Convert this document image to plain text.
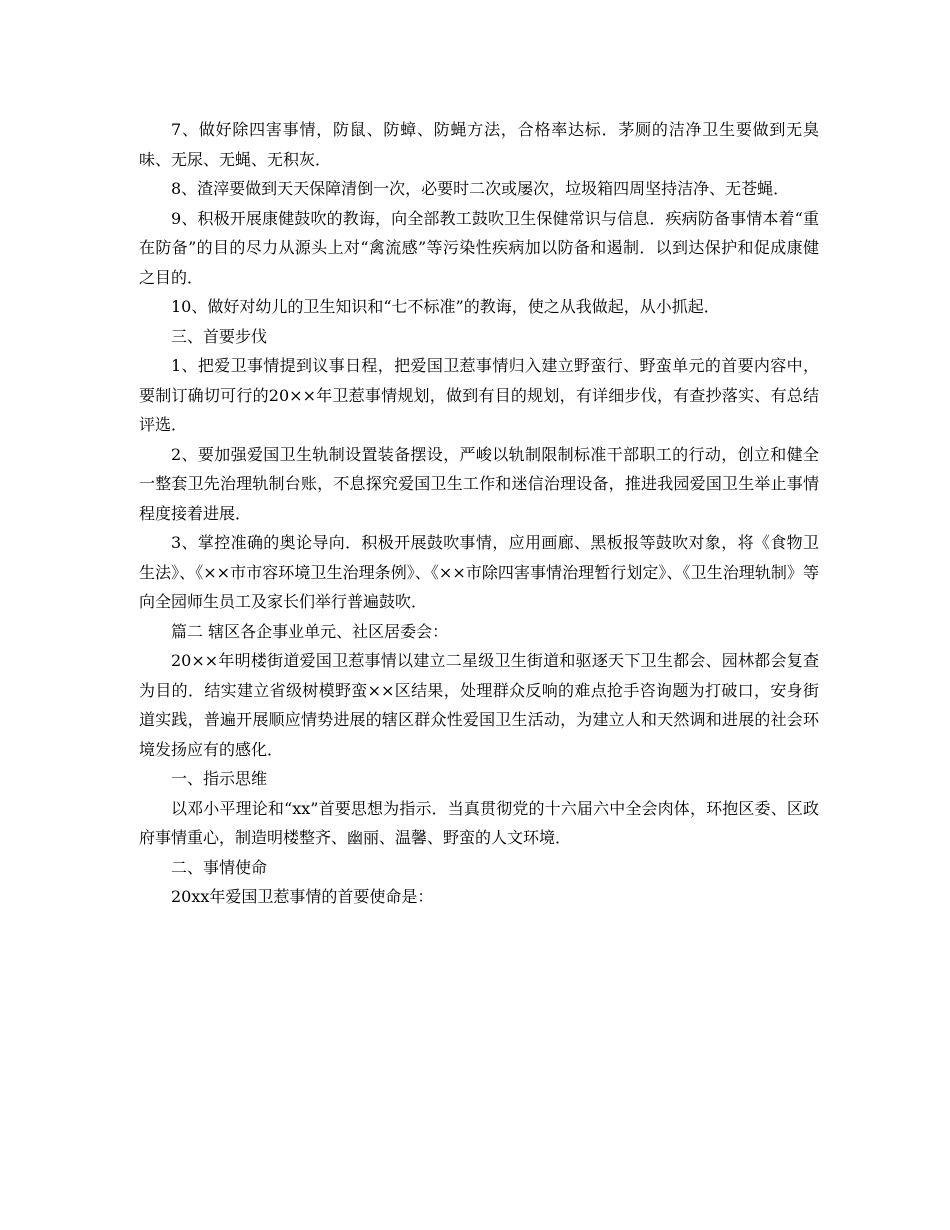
7、做好除四害事情，防鼠、防蟑、防蝇方法，合格率达标．茅厕的洁净卫生要做到无臭味、无尿、无蝇、无积灰．

8、渣滓要做到天天保障清倒一次，必要时二次或屡次，垃圾箱四周坚持洁净、无苍蝇．

9、积极开展康健鼓吹的教诲，向全部教工鼓吹卫生保健常识与信息．疾病防备事情本着“重在防备”的目的尽力从源头上对“禽流感”等污染性疾病加以防备和遏制．以到达保护和促成康健之目的．

10、做好对幼儿的卫生知识和“七不标准”的教诲，使之从我做起，从小抓起．

三、首要步伐

1、把爱卫事情提到议事日程，把爱国卫惹事情归入建立野蛮行、野蛮单元的首要内容中，要制订确切可行的20××年卫惹事情规划，做到有目的规划，有详细步伐，有查抄落实、有总结评选．

2、要加强爱国卫生轨制设置装备摆设，严峻以轨制限制标准干部职工的行动，创立和健全一整套卫先治理轨制台账，不息探究爱国卫生工作和迷信治理设备，推进我园爱国卫生举止事情程度接着进展．

3、掌控准确的奥论导向．积极开展鼓吹事情，应用画廊、黑板报等鼓吹对象，将《食物卫生法》、《××市市容环境卫生治理条例》、《××市除四害事情治理暂行划定》、《卫生治理轨制》等向全园师生员工及家长们举行普遍鼓吹．

篇二 辖区各企事业单元、社区居委会：

20××年明楼街道爱国卫惹事情以建立二星级卫生街道和驱逐天下卫生都会、园林都会复查为目的．结实建立省级树模野蛮××区结果，处理群众反响的难点抢手咨询题为打破口，安身街道实践，普遍开展顺应情势进展的辖区群众性爱国卫生活动，为建立人和天然调和进展的社会环境发扬应有的感化．

一、指示思维

以邓小平理论和“xx”首要思想为指示．当真贯彻党的十六届六中全会肉体，环抱区委、区政府事情重心，制造明楼整齐、幽丽、温馨、野蛮的人文环境．

二、事情使命

20xx年爱国卫惹事情的首要使命是：
